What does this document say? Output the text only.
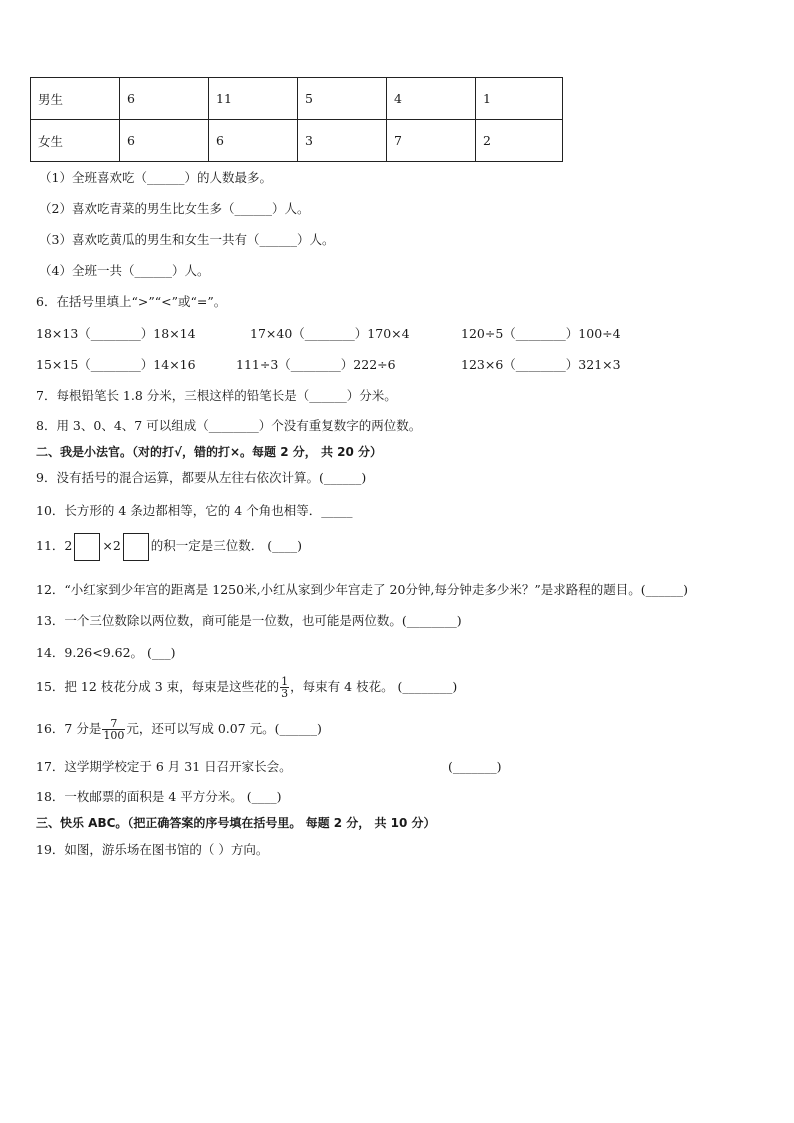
男生	6	11	5	4	1
女生	6	6	3	7	2
（1）全班喜欢吃（______）的人数最多。
（2）喜欢吃青菜的男生比女生多（______）人。
（3）喜欢吃黄瓜的男生和女生一共有（______）人。
（4）全班一共（______）人。
6．在括号里填上“>”“<”或“=”。
18×13（________）18×14	17×40（________）170×4	120÷5（________）100÷4
15×15（________）14×16	111÷3（________）222÷6	123×6（________）321×3
7．每根铅笔长 1.8 分米，三根这样的铅笔长是（______）分米。
8．用 3、0、4、7 可以组成（________）个没有重复数字的两位数。
二、我是小法官。（对的打√，错的打×。每题 2 分， 共 20 分）
9．没有括号的混合运算，都要从左往右依次计算。(______)
10．长方形的 4 条边都相等，它的 4 个角也相等．_____
11．2 ×2 的积一定是三位数． (____)
12．“小红家到少年宫的距离是 1250米,小红从家到少年宫走了 20分钟,每分钟走多少米？”是求路程的题目。(______)
13．一个三位数除以两位数，商可能是一位数，也可能是两位数。(________)
14．9.26<9.62。 (___)
15．把 12 枝花分成 3 束，每束是这些花的 $\frac{1}{3}$ ，每束有 4 枝花。 (________)
16．7 分是 $\frac{7}{100}$ 元，还可以写成 0.07 元。(______)
17．这学期学校定于 6 月 31 日召开家长会。	(_______)
18．一枚邮票的面积是 4 平方分米。 (____)
三、快乐 ABC。（把正确答案的序号填在括号里。 每题 2 分， 共 10 分）
19．如图，游乐场在图书馆的（ ）方向。
